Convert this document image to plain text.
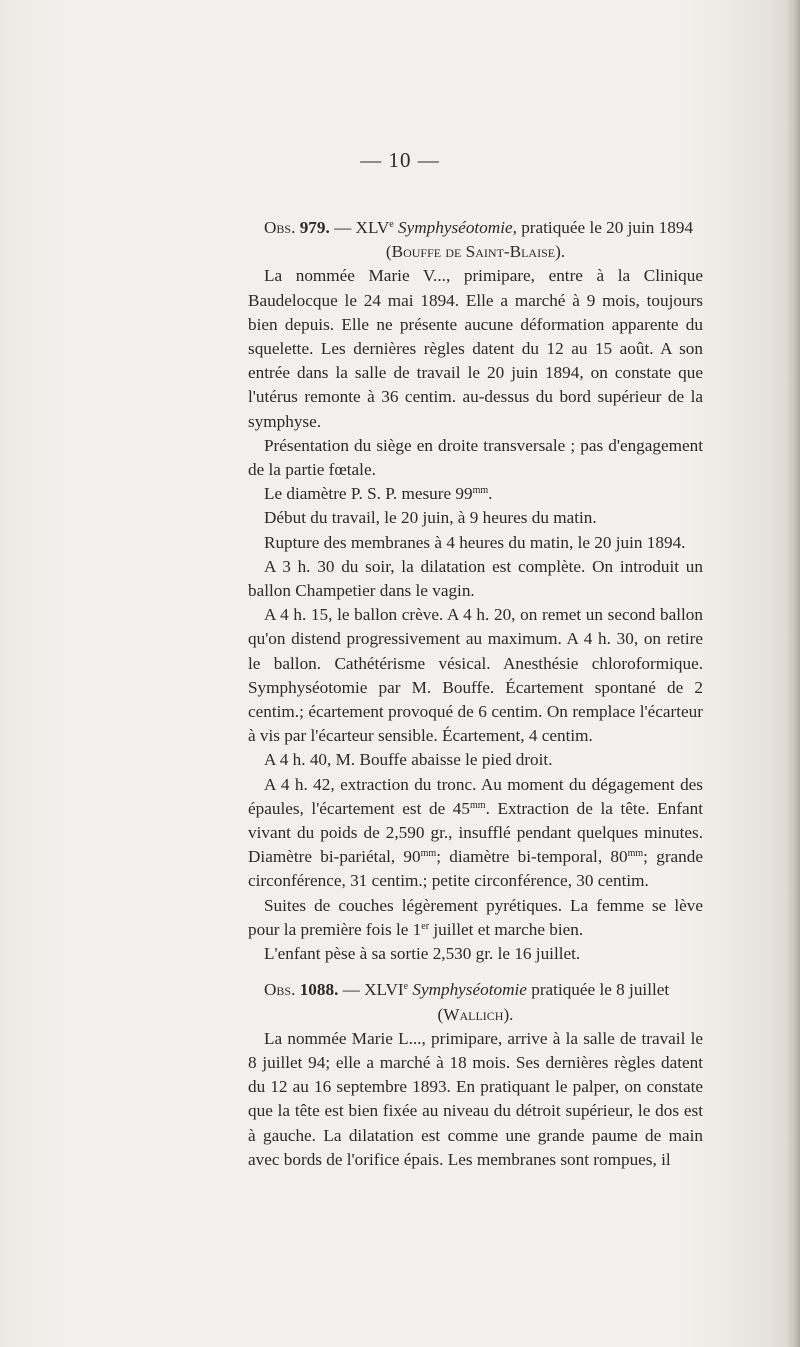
— 10 —

Obs. 979. — XLVe Symphyséotomie, pratiquée le 20 juin 1894

(Bouffe de Saint-Blaise).

La nommée Marie V..., primipare, entre à la Clinique Baudelocque le 24 mai 1894. Elle a marché à 9 mois, toujours bien depuis. Elle ne présente aucune déformation apparente du squelette. Les dernières règles datent du 12 au 15 août. A son entrée dans la salle de travail le 20 juin 1894, on constate que l'utérus remonte à 36 centim. au-dessus du bord supérieur de la symphyse.

Présentation du siège en droite transversale ; pas d'engagement de la partie fœtale.

Le diamètre P. S. P. mesure $99^{mm}$.

Début du travail, le 20 juin, à 9 heures du matin.

Rupture des membranes à 4 heures du matin, le 20 juin 1894.

A 3 h. 30 du soir, la dilatation est complète. On introduit un ballon Champetier dans le vagin.

A 4 h. 15, le ballon crève. A 4 h. 20, on remet un second ballon qu'on distend progressivement au maximum. A 4 h. 30, on retire le ballon. Cathétérisme vésical. Anesthésie chloroformique. Symphyséotomie par M. Bouffe. Écartement spontané de 2 centim.; écartement provoqué de 6 centim. On remplace l'écarteur à vis par l'écarteur sensible. Écartement, 4 centim.

A 4 h. 40, M. Bouffe abaisse le pied droit.

A 4 h. 42, extraction du tronc. Au moment du dégagement des épaules, l'écartement est de $45^{mm}$. Extraction de la tête. Enfant vivant du poids de 2,590 gr., insufflé pendant quelques minutes. Diamètre bi-pariétal, $90^{mm}$; diamètre bi-temporal, $80^{mm}$; grande circonférence, 31 centim.; petite circonférence, 30 centim.

Suites de couches légèrement pyrétiques. La femme se lève pour la première fois le 1er juillet et marche bien.

L'enfant pèse à sa sortie 2,530 gr. le 16 juillet.

Obs. 1088. — XLVIe Symphyséotomie pratiquée le 8 juillet

(Wallich).

La nommée Marie L..., primipare, arrive à la salle de travail le 8 juillet 94; elle a marché à 18 mois. Ses dernières règles datent du 12 au 16 septembre 1893. En pratiquant le palper, on constate que la tête est bien fixée au niveau du détroit supérieur, le dos est à gauche. La dilatation est comme une grande paume de main avec bords de l'orifice épais. Les membranes sont rompues, il
